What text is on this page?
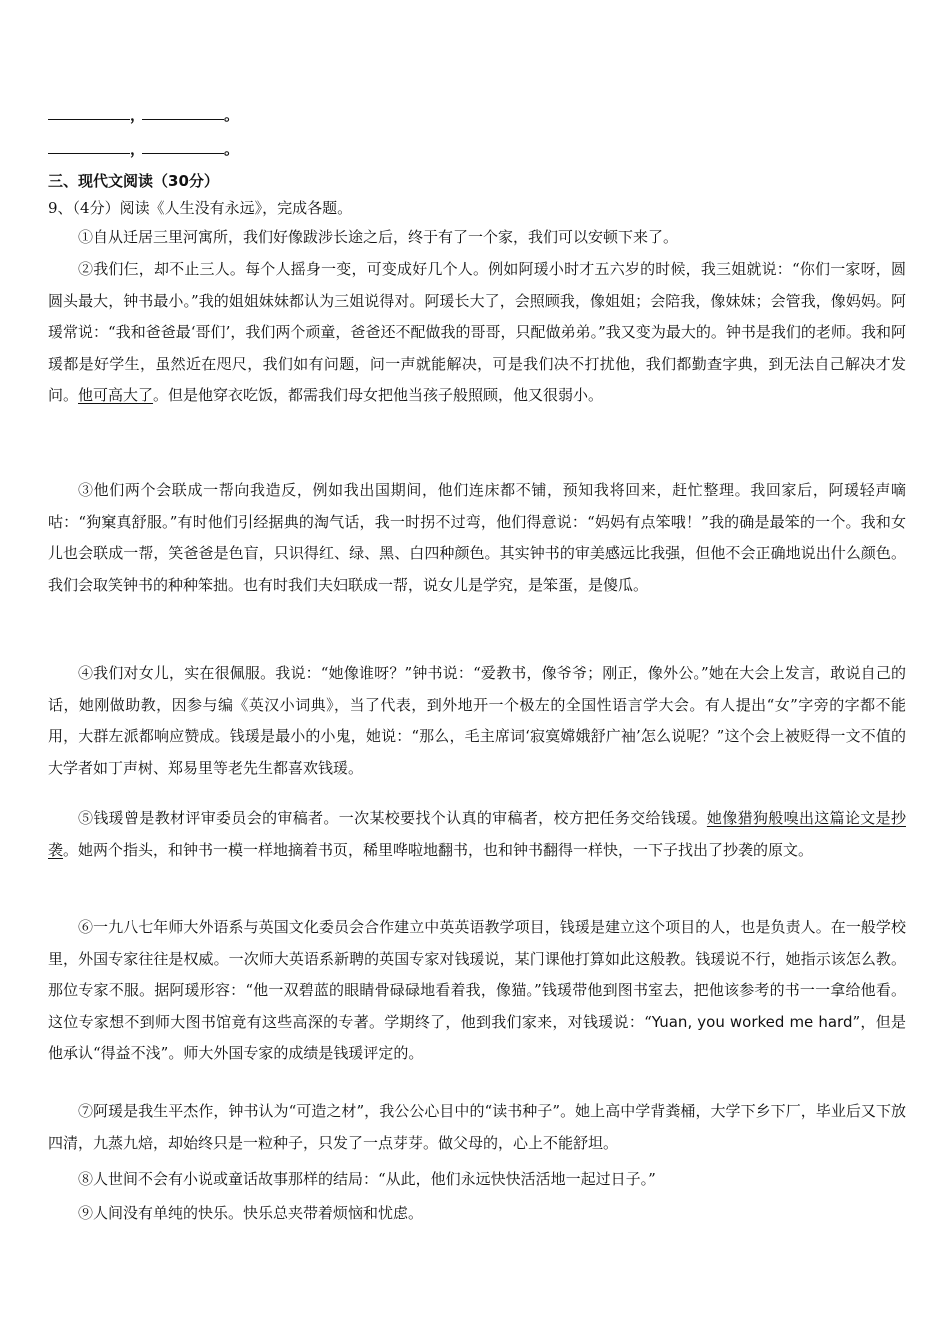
，	。
，	。
三、现代文阅读（30分）
9、（4分）阅读《人生没有永远》，完成各题。

①自从迁居三里河寓所，我们好像跋涉长途之后，终于有了一个家，我们可以安顿下来了。

②我们仨，却不止三人。每个人摇身一变，可变成好几个人。例如阿瑗小时才五六岁的时候，我三姐就说：“你们一家呀，圆圆头最大，钟书最小。”我的姐姐妹妹都认为三姐说得对。阿瑗长大了，会照顾我，像姐姐；会陪我，像妹妹；会管我，像妈妈。阿瑗常说：“我和爸爸最‘哥们’，我们两个顽童，爸爸还不配做我的哥哥，只配做弟弟。”我又变为最大的。钟书是我们的老师。我和阿瑗都是好学生，虽然近在咫尺，我们如有问题，问一声就能解决，可是我们决不打扰他，我们都勤查字典，到无法自己解决才发问。他可高大了。但是他穿衣吃饭，都需我们母女把他当孩子般照顾，他又很弱小。

③他们两个会联成一帮向我造反，例如我出国期间，他们连床都不铺，预知我将回来，赶忙整理。我回家后，阿瑗轻声嘀咕：“狗窠真舒服。”有时他们引经据典的淘气话，我一时拐不过弯，他们得意说：“妈妈有点笨哦！”我的确是最笨的一个。我和女儿也会联成一帮，笑爸爸是色盲，只识得红、绿、黑、白四种颜色。其实钟书的审美感远比我强，但他不会正确地说出什么颜色。我们会取笑钟书的种种笨拙。也有时我们夫妇联成一帮，说女儿是学究，是笨蛋，是傻瓜。

④我们对女儿，实在很佩服。我说：“她像谁呀？”钟书说：“爱教书，像爷爷；刚正，像外公。”她在大会上发言，敢说自己的话，她刚做助教，因参与编《英汉小词典》，当了代表，到外地开一个极左的全国性语言学大会。有人提出“女”字旁的字都不能用，大群左派都响应赞成。钱瑗是最小的小鬼，她说：“那么，毛主席词‘寂寞嫦娥舒广袖’怎么说呢？”这个会上被贬得一文不值的大学者如丁声树、郑易里等老先生都喜欢钱瑗。

⑤钱瑗曾是教材评审委员会的审稿者。一次某校要找个认真的审稿者，校方把任务交给钱瑗。她像猎狗般嗅出这篇论文是抄袭。她两个指头，和钟书一模一样地摘着书页，稀里哗啦地翻书，也和钟书翻得一样快，一下子找出了抄袭的原文。

⑥一九八七年师大外语系与英国文化委员会合作建立中英英语教学项目，钱瑗是建立这个项目的人，也是负责人。在一般学校里，外国专家往往是权威。一次师大英语系新聘的英国专家对钱瑗说，某门课他打算如此这般教。钱瑗说不行，她指示该怎么教。那位专家不服。据阿瑗形容：“他一双碧蓝的眼睛骨碌碌地看着我，像猫。”钱瑗带他到图书室去，把他该参考的书一一拿给他看。这位专家想不到师大图书馆竟有这些高深的专著。学期终了，他到我们家来，对钱瑗说：“Yuan, you worked me hard”，但是他承认“得益不浅”。师大外国专家的成绩是钱瑗评定的。

⑦阿瑗是我生平杰作，钟书认为“可造之材”，我公公心目中的“读书种子”。她上高中学背粪桶，大学下乡下厂，毕业后又下放四清，九蒸九焙，却始终只是一粒种子，只发了一点芽芽。做父母的，心上不能舒坦。

⑧人世间不会有小说或童话故事那样的结局：“从此，他们永远快快活活地一起过日子。”

⑨人间没有单纯的快乐。快乐总夹带着烦恼和忧虑。
